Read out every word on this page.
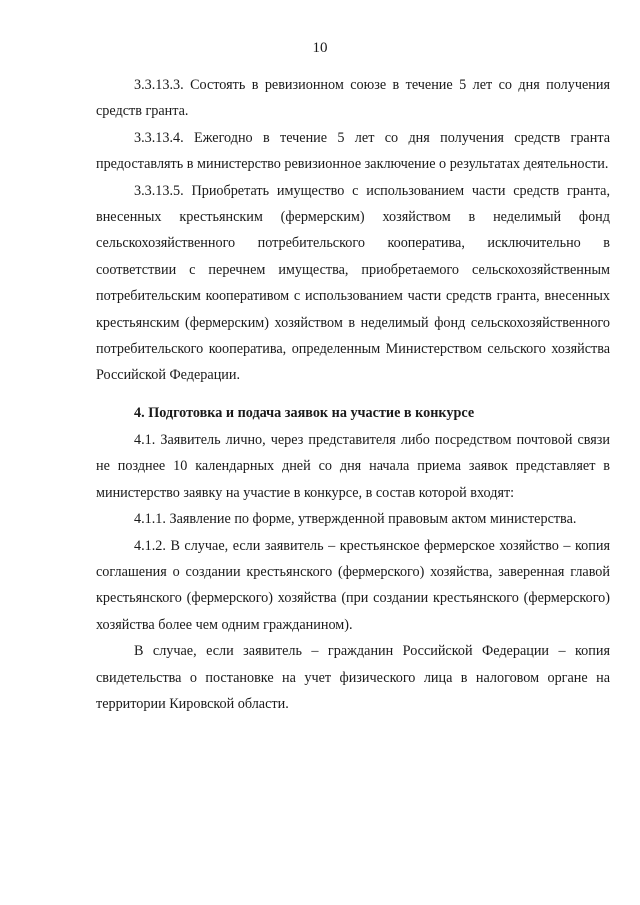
10

3.3.13.3. Состоять в ревизионном союзе в течение 5 лет со дня получения средств гранта.

3.3.13.4. Ежегодно в течение 5 лет со дня получения средств гранта предоставлять в министерство ревизионное заключение о результатах деятельности.

3.3.13.5. Приобретать имущество с использованием части средств гранта, внесенных крестьянским (фермерским) хозяйством в неделимый фонд сельскохозяйственного потребительского кооператива, исключительно в соответствии с перечнем имущества, приобретаемого сельскохозяйственным потребительским кооперативом с использованием части средств гранта, внесенных крестьянским (фермерским) хозяйством в неделимый фонд сельскохозяйственного потребительского кооператива, определенным Министерством сельского хозяйства Российской Федерации.

4. Подготовка и подача заявок на участие в конкурсе

4.1. Заявитель лично, через представителя либо посредством почтовой связи не позднее 10 календарных дней со дня начала приема заявок представляет в министерство заявку на участие в конкурсе, в состав которой входят:

4.1.1. Заявление по форме, утвержденной правовым актом министерства.

4.1.2. В случае, если заявитель – крестьянское фермерское хозяйство – копия соглашения о создании крестьянского (фермерского) хозяйства, заверенная главой крестьянского (фермерского) хозяйства (при создании крестьянского (фермерского) хозяйства более чем одним гражданином).

В случае, если заявитель – гражданин Российской Федерации – копия свидетельства о постановке на учет физического лица в налоговом органе на территории Кировской области.
